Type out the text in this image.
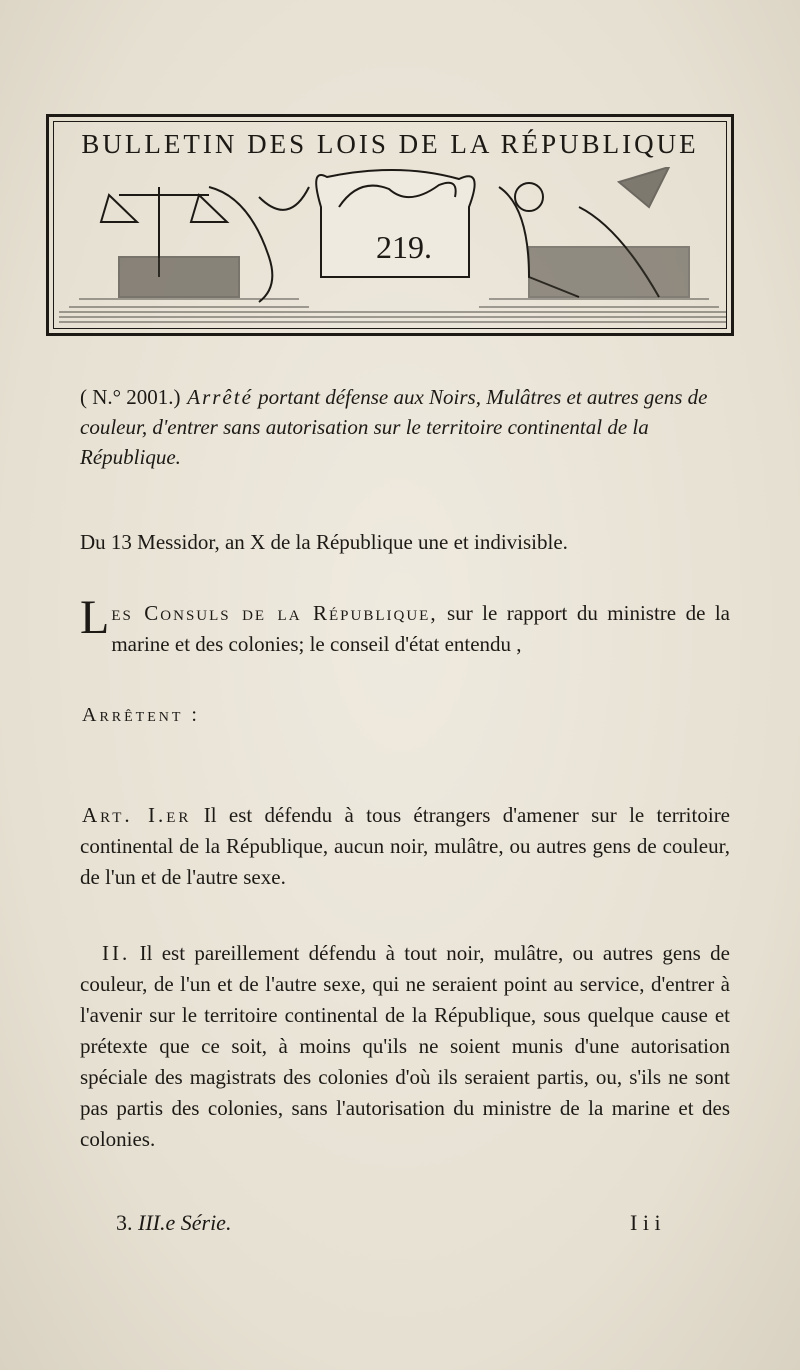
BULLETIN DES LOIS DE LA RÉPUBLIQUE
219.
( N.° 2001.) Arrêté portant défense aux Noirs, Mulâtres et autres gens de couleur, d'entrer sans autorisation sur le territoire continental de la République.
Du 13 Messidor, an X de la République une et indivisible.
Les Consuls de la République, sur le rapport du ministre de la marine et des colonies; le conseil d'état entendu ,
Arrêtent :
Art. I.er Il est défendu à tous étrangers d'amener sur le territoire continental de la République, aucun noir, mulâtre, ou autres gens de couleur, de l'un et de l'autre sexe.
II. Il est pareillement défendu à tout noir, mulâtre, ou autres gens de couleur, de l'un et de l'autre sexe, qui ne seraient point au service, d'entrer à l'avenir sur le territoire continental de la République, sous quelque cause et prétexte que ce soit, à moins qu'ils ne soient munis d'une autorisation spéciale des magistrats des colonies d'où ils seraient partis, ou, s'ils ne sont pas partis des colonies, sans l'autorisation du ministre de la marine et des colonies.
3. III.e Série.	I i i
